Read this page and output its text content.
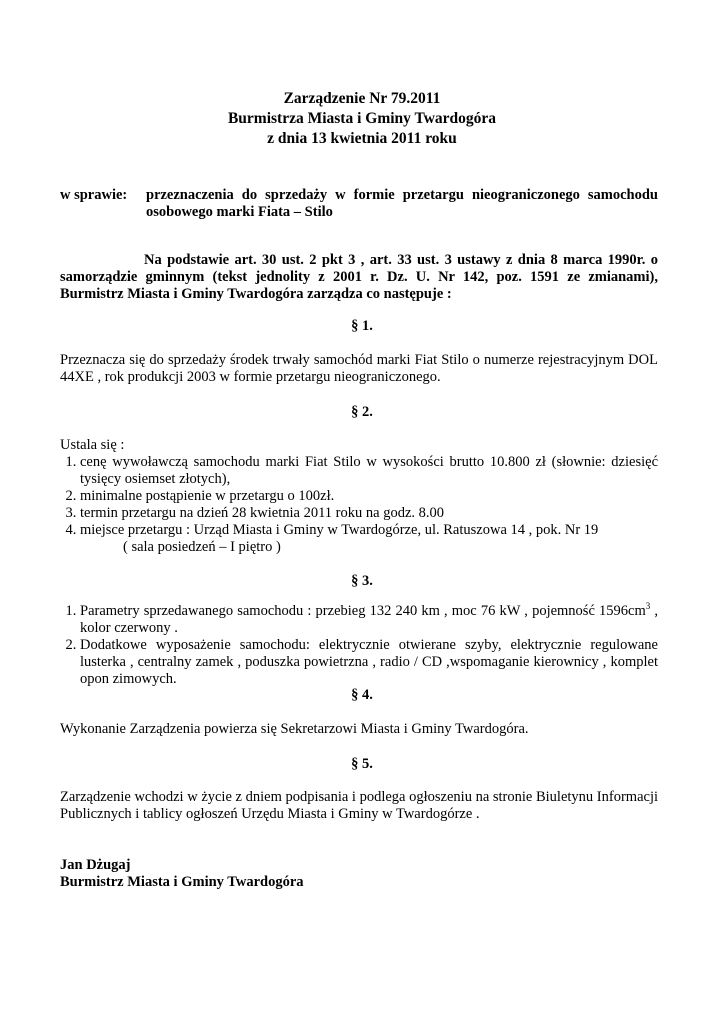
Zarządzenie Nr 79.2011
Burmistrza Miasta i Gminy Twardogóra
z dnia 13 kwietnia 2011 roku
w sprawie: przeznaczenia do sprzedaży w formie przetargu nieograniczonego samochodu osobowego marki Fiata – Stilo
Na podstawie art. 30 ust. 2 pkt 3 , art. 33 ust. 3 ustawy z dnia 8 marca 1990r. o samorządzie gminnym (tekst jednolity z 2001 r. Dz. U. Nr 142, poz. 1591 ze zmianami), Burmistrz Miasta i Gminy Twardogóra zarządza co następuje :
§ 1.
Przeznacza się do sprzedaży środek trwały samochód marki Fiat Stilo o numerze rejestracyjnym DOL 44XE , rok produkcji 2003 w formie przetargu nieograniczonego.
§ 2.
Ustala się :
1. cenę wywoławczą samochodu marki Fiat Stilo w wysokości brutto 10.800 zł (słownie: dziesięć tysięcy osiemset złotych),
2. minimalne postąpienie w przetargu o 100zł.
3. termin przetargu na dzień 28 kwietnia 2011 roku na godz. 8.00
4. miejsce przetargu : Urząd Miasta i Gminy w Twardogórze, ul. Ratuszowa 14 , pok. Nr 19
( sala posiedzeń – I piętro )
§ 3.
1. Parametry sprzedawanego samochodu : przebieg 132 240 km , moc 76 kW , pojemność $1596cm^3$ , kolor czerwony .
2. Dodatkowe wyposażenie samochodu: elektrycznie otwierane szyby, elektrycznie regulowane lusterka , centralny zamek , poduszka powietrzna , radio / CD ,wspomaganie kierownicy , komplet opon zimowych.
§ 4.
Wykonanie Zarządzenia powierza się Sekretarzowi Miasta i Gminy Twardogóra.
§ 5.
Zarządzenie wchodzi w życie z dniem podpisania i podlega ogłoszeniu na stronie Biuletynu Informacji Publicznych i tablicy ogłoszeń Urzędu Miasta i Gminy w Twardogórze .
Jan Dżugaj
Burmistrz Miasta i Gminy Twardogóra
